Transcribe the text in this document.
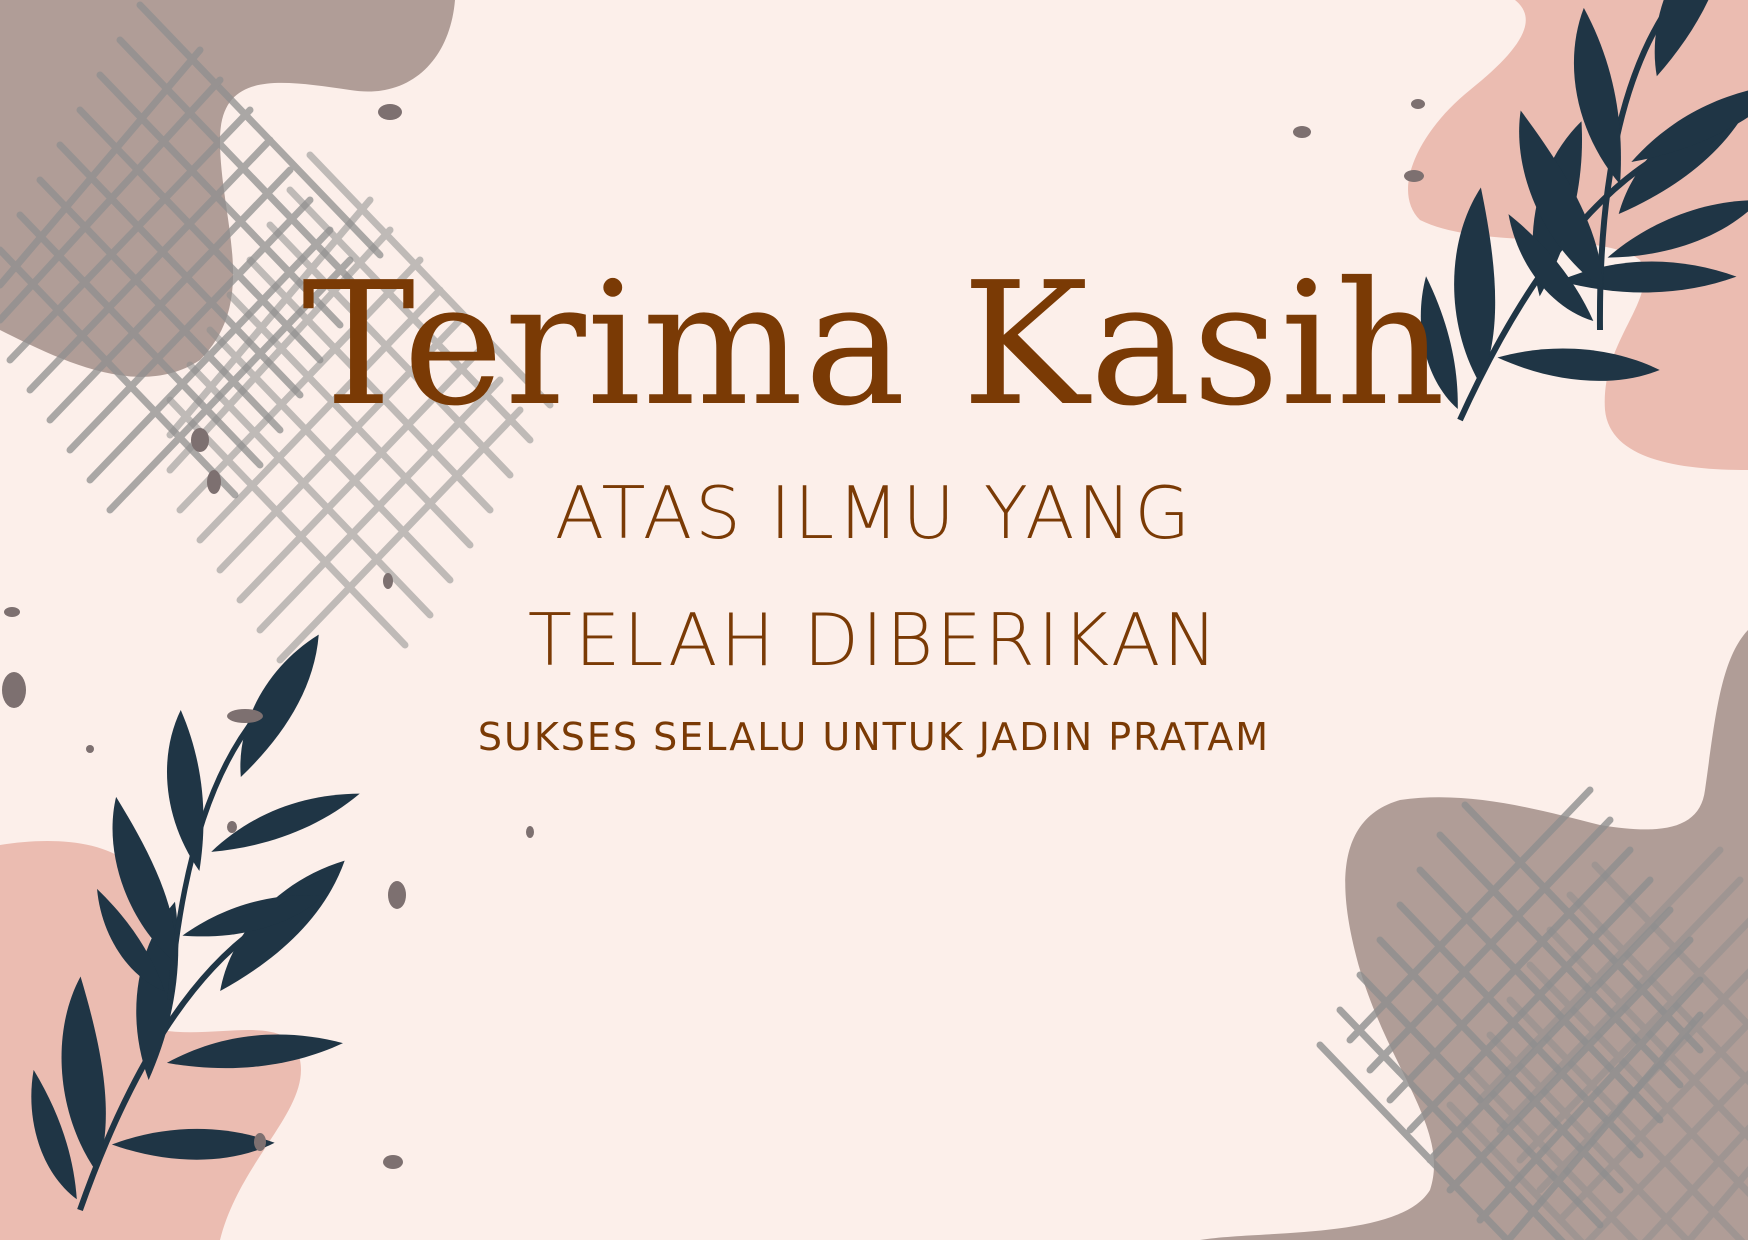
Terima Kasih
ATAS ILMU YANG
TELAH DIBERIKAN
SUKSES SELALU UNTUK JADIN PRATAM
